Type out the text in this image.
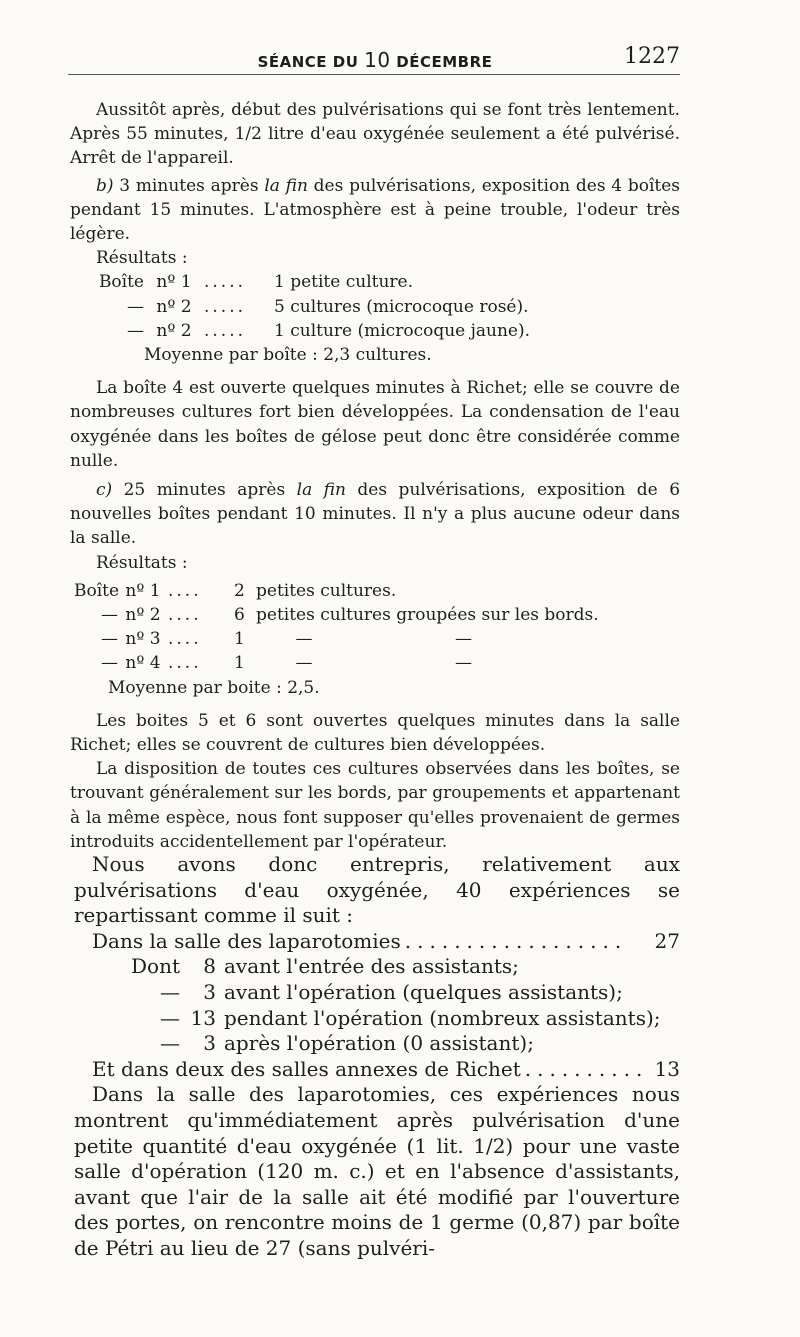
SÉANCE DU 10 DÉCEMBRE	1227

Aussitôt après, début des pulvérisations qui se font très lentement. Après 55 minutes, 1/2 litre d'eau oxygénée seulement a été pulvérisé. Arrêt de l'appareil.

b) 3 minutes après la fin des pulvérisations, exposition des 4 boîtes pendant 15 minutes. L'atmosphère est à peine trouble, l'odeur très légère.

Résultats :

Boîte nº 1 .....	1 petite culture.
— nº 2 .....	5 cultures (microcoque rosé).
— nº 2 .....	1 culture (microcoque jaune).
Moyenne par boîte : 2,3 cultures.

La boîte 4 est ouverte quelques minutes à Richet; elle se couvre de nombreuses cultures fort bien développées. La condensation de l'eau oxygénée dans les boîtes de gélose peut donc être considérée comme nulle.

c) 25 minutes après la fin des pulvérisations, exposition de 6 nouvelles boîtes pendant 10 minutes. Il n'y a plus aucune odeur dans la salle.

Résultats :

Boîte nº 1 ....	2 petites cultures.
— nº 2 ....	6 petites cultures groupées sur les bords.
— nº 3 ....	1	—	—
— nº 4 ....	1	—	—
Moyenne par boite : 2,5.

Les boites 5 et 6 sont ouvertes quelques minutes dans la salle Richet; elles se couvrent de cultures bien développées.

La disposition de toutes ces cultures observées dans les boîtes, se trouvant généralement sur les bords, par groupements et appartenant à la même espèce, nous font supposer qu'elles provenaient de germes introduits accidentellement par l'opérateur.

Nous avons donc entrepris, relativement aux pulvérisations d'eau oxygénée, 40 expériences se repartissant comme il suit :

Dans la salle des laparotomies ..................	27
Dont	8 avant l'entrée des assistants;
—	3 avant l'opération (quelques assistants);
— 13 pendant l'opération (nombreux assistants);
—	3 après l'opération (0 assistant);
Et dans deux des salles annexes de Richet .......... 13

Dans la salle des laparotomies, ces expériences nous montrent qu'immédiatement après pulvérisation d'une petite quantité d'eau oxygénée (1 lit. 1/2) pour une vaste salle d'opération (120 m. c.) et en l'absence d'assistants, avant que l'air de la salle ait été modifié par l'ouverture des portes, on rencontre moins de 1 germe (0,87) par boîte de Pétri au lieu de 27 (sans pulvéri-
